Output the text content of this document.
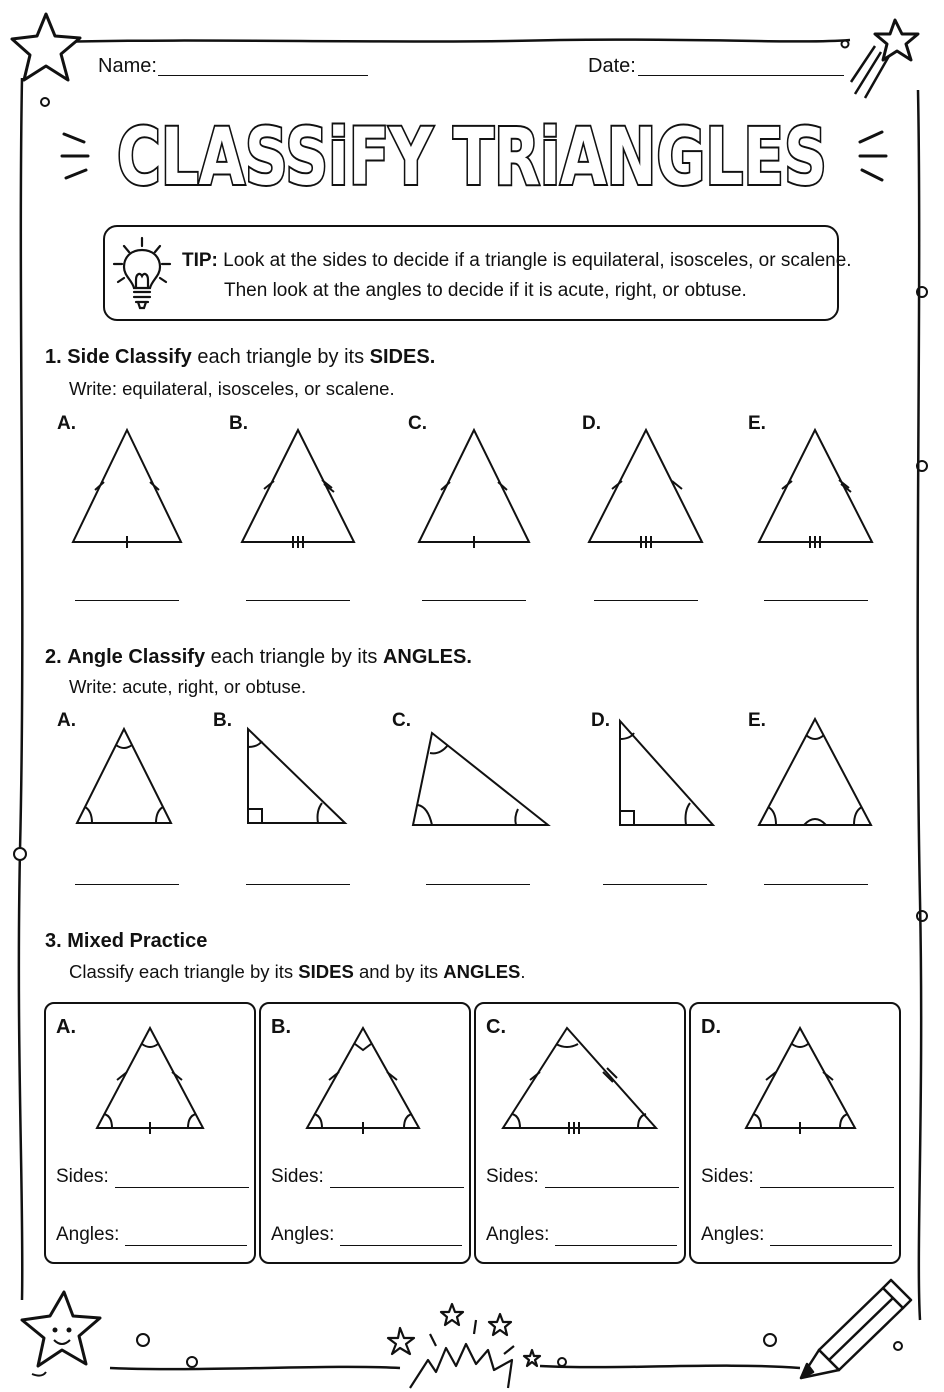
Name:	Date:
CLASSiFY TRiANGLES
TIP: Look at the sides to decide if a triangle is equilateral, isosceles, or scalene.
Then look at the angles to decide if it is acute, right, or obtuse.
1. Side Classify each triangle by its SIDES.
Write: equilateral, isosceles, or scalene.
A.	B.	C.	D.	E.
2. Angle Classify each triangle by its ANGLES.
Write: acute, right, or obtuse.
A.	B.	C.	D.	E.
3. Mixed Practice
Classify each triangle by its SIDES and by its ANGLES.
A.
Sides:
Angles:
B.
Sides:
Angles:
C.
Sides:
Angles:
D.
Sides:
Angles:
